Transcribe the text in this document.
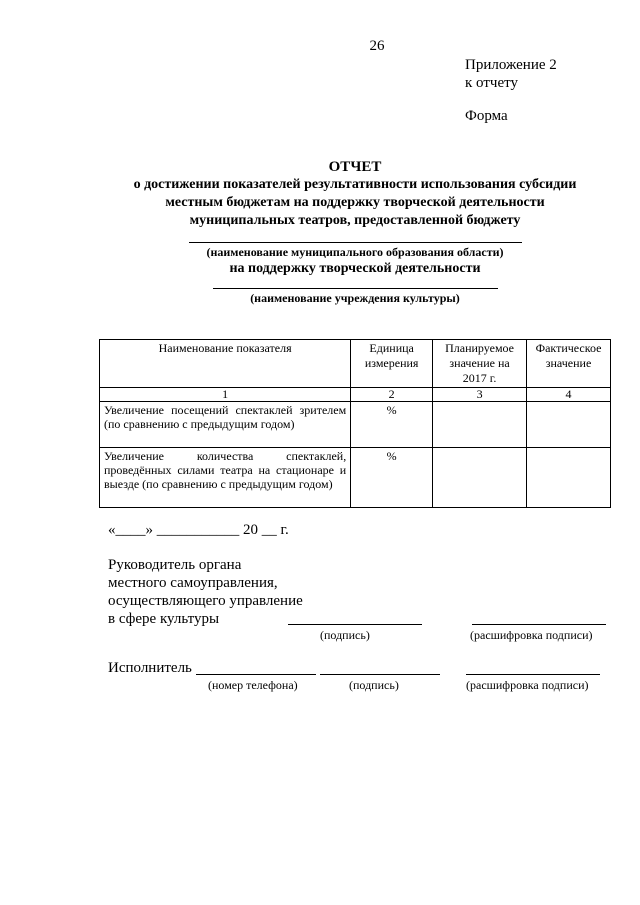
26
Приложение 2
к отчету
Форма
ОТЧЕТ
о достижении показателей результативности использования субсидии
местным бюджетам на поддержку творческой деятельности
муниципальных театров, предоставленной бюджету
(наименование муниципального образования области)
на поддержку творческой деятельности
(наименование учреждения культуры)
Наименование показателя	Единица измерения	Планируемое значение на 2017 г.	Фактическое значение
1	2	3	4
Увеличение посещений спектаклей зрителем (по сравнению с предыдущим годом)	%		
Увеличение количества спектаклей, проведённых силами театра на стационаре и выезде (по сравнению с предыдущим годом)	%		
«____» ___________ 20 __ г.
Руководитель органа
местного самоуправления,
осуществляющего управление
в сфере культуры
(подпись)	(расшифровка подписи)
Исполнитель
(номер телефона)	(подпись)	(расшифровка подписи)
